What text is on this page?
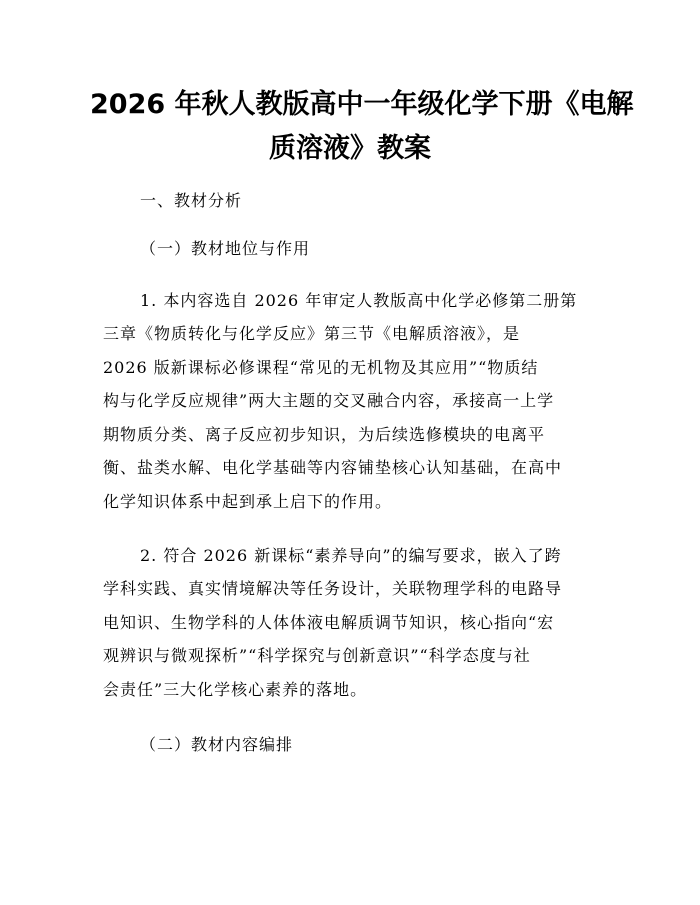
2026 年秋人教版高中一年级化学下册《电解
质溶液》教案
一、教材分析
（一）教材地位与作用
1. 本内容选自 2026 年审定人教版高中化学必修第二册第
三章《物质转化与化学反应》第三节《电解质溶液》，是
2026 版新课标必修课程“常见的无机物及其应用”“物质结
构与化学反应规律”两大主题的交叉融合内容，承接高一上学
期物质分类、离子反应初步知识，为后续选修模块的电离平
衡、盐类水解、电化学基础等内容铺垫核心认知基础，在高中
化学知识体系中起到承上启下的作用。
2. 符合 2026 新课标“素养导向”的编写要求，嵌入了跨
学科实践、真实情境解决等任务设计，关联物理学科的电路导
电知识、生物学科的人体体液电解质调节知识，核心指向“宏
观辨识与微观探析”“科学探究与创新意识”“科学态度与社
会责任”三大化学核心素养的落地。
（二）教材内容编排
